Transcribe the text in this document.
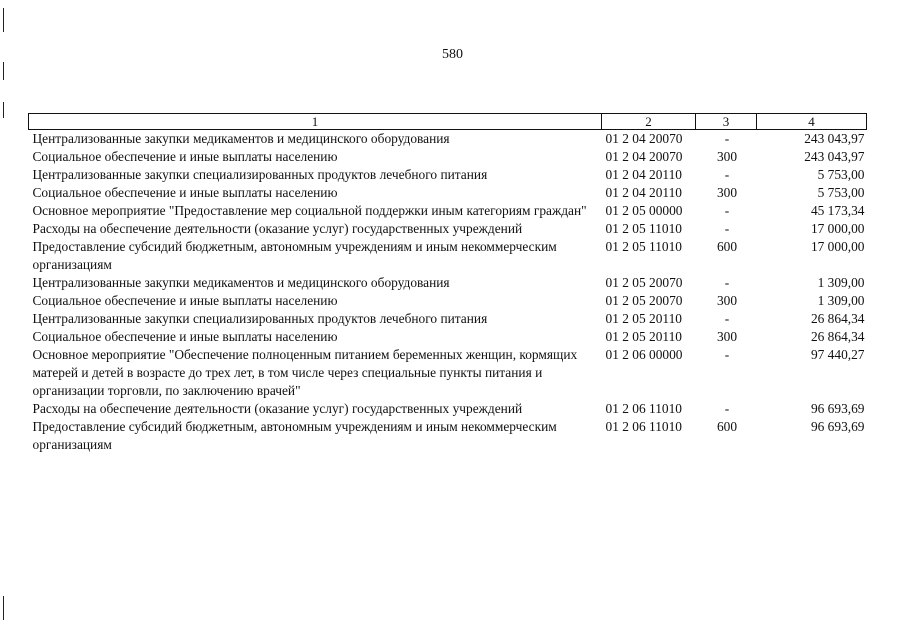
580
1	2	3	4
Централизованные закупки медикаментов и медицинского оборудования	01 2 04 20070	-	243 043,97
Социальное обеспечение и иные выплаты населению	01 2 04 20070	300	243 043,97
Централизованные закупки специализированных продуктов лечебного питания	01 2 04 20110	-	5 753,00
Социальное обеспечение и иные выплаты населению	01 2 04 20110	300	5 753,00
Основное мероприятие "Предоставление мер социальной поддержки иным категориям граждан"	01 2 05 00000	-	45 173,34
Расходы на обеспечение деятельности (оказание услуг) государственных учреждений	01 2 05 11010	-	17 000,00
Предоставление субсидий бюджетным, автономным учреждениям и иным некоммерческим организациям	01 2 05 11010	600	17 000,00
Централизованные закупки медикаментов и медицинского оборудования	01 2 05 20070	-	1 309,00
Социальное обеспечение и иные выплаты населению	01 2 05 20070	300	1 309,00
Централизованные закупки специализированных продуктов лечебного питания	01 2 05 20110	-	26 864,34
Социальное обеспечение и иные выплаты населению	01 2 05 20110	300	26 864,34
Основное мероприятие "Обеспечение полноценным питанием беременных женщин, кормящих матерей и детей в возрасте до трех лет, в том числе через специальные пункты питания и организации торговли, по заключению врачей"	01 2 06 00000	-	97 440,27
Расходы на обеспечение деятельности (оказание услуг) государственных учреждений	01 2 06 11010	-	96 693,69
Предоставление субсидий бюджетным, автономным учреждениям и иным некоммерческим организациям	01 2 06 11010	600	96 693,69
